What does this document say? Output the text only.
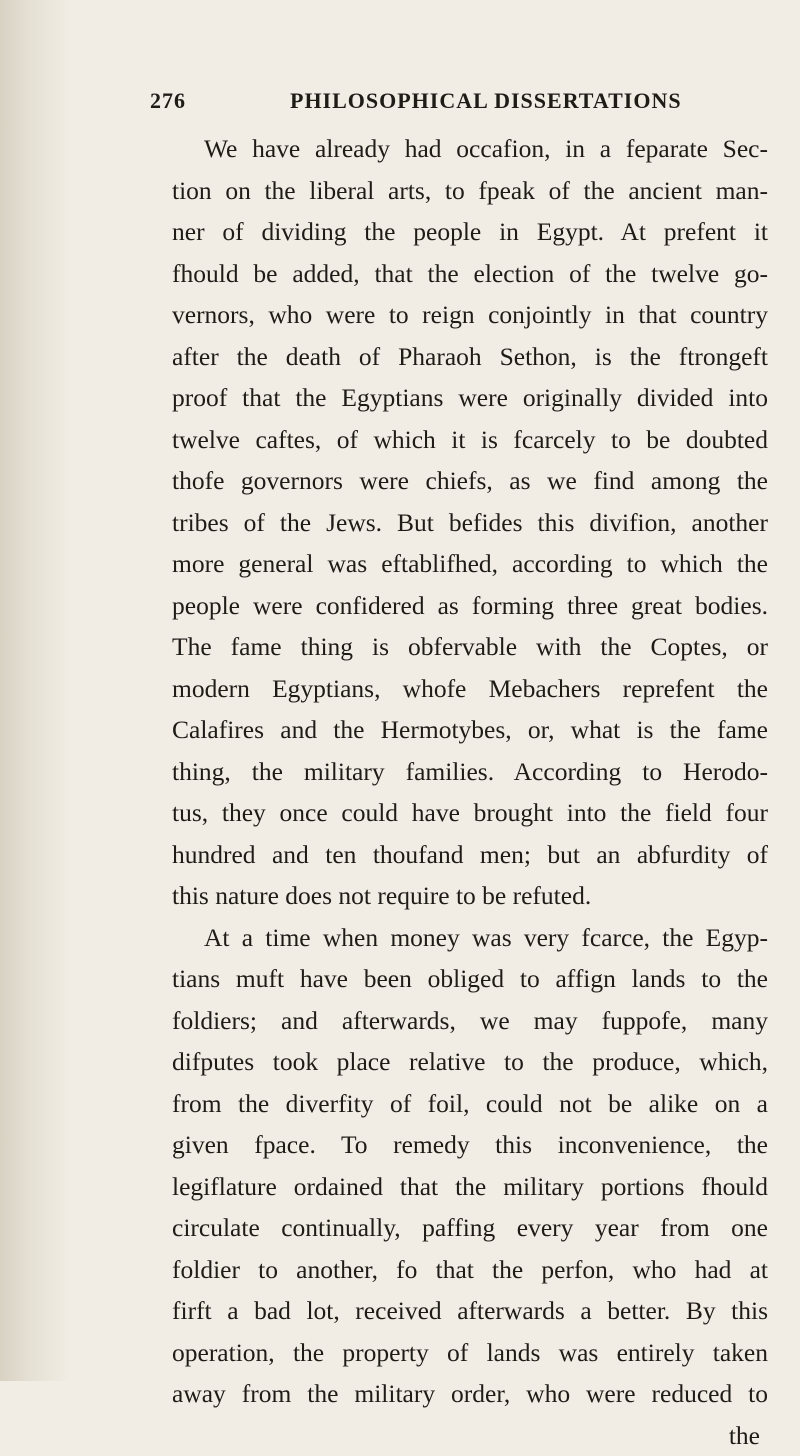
276	PHILOSOPHICAL DISSERTATIONS
We have already had occafion, in a feparate Sec-
tion on the liberal arts, to fpeak of the ancient man-
ner of dividing the people in Egypt. At prefent it
fhould be added, that the election of the twelve go-
vernors, who were to reign conjointly in that country
after the death of Pharaoh Sethon, is the ftrongeft
proof that the Egyptians were originally divided into
twelve caftes, of which it is fcarcely to be doubted
thofe governors were chiefs, as we find among the
tribes of the Jews. But befides this divifion, another
more general was eftablifhed, according to which the
people were confidered as forming three great bodies.
The fame thing is obfervable with the Coptes, or
modern Egyptians, whofe Mebachers reprefent the
Calafires and the Hermotybes, or, what is the fame
thing, the military families. According to Herodo-
tus, they once could have brought into the field four
hundred and ten thoufand men; but an abfurdity of
this nature does not require to be refuted.
At a time when money was very fcarce, the Egyp-
tians muft have been obliged to affign lands to the
foldiers; and afterwards, we may fuppofe, many
difputes took place relative to the produce, which,
from the diverfity of foil, could not be alike on a
given fpace. To remedy this inconvenience, the
legiflature ordained that the military portions fhould
circulate continually, paffing every year from one
foldier to another, fo that the perfon, who had at
firft a bad lot, received afterwards a better. By this
operation, the property of lands was entirely taken
away from the military order, who were reduced to
the
